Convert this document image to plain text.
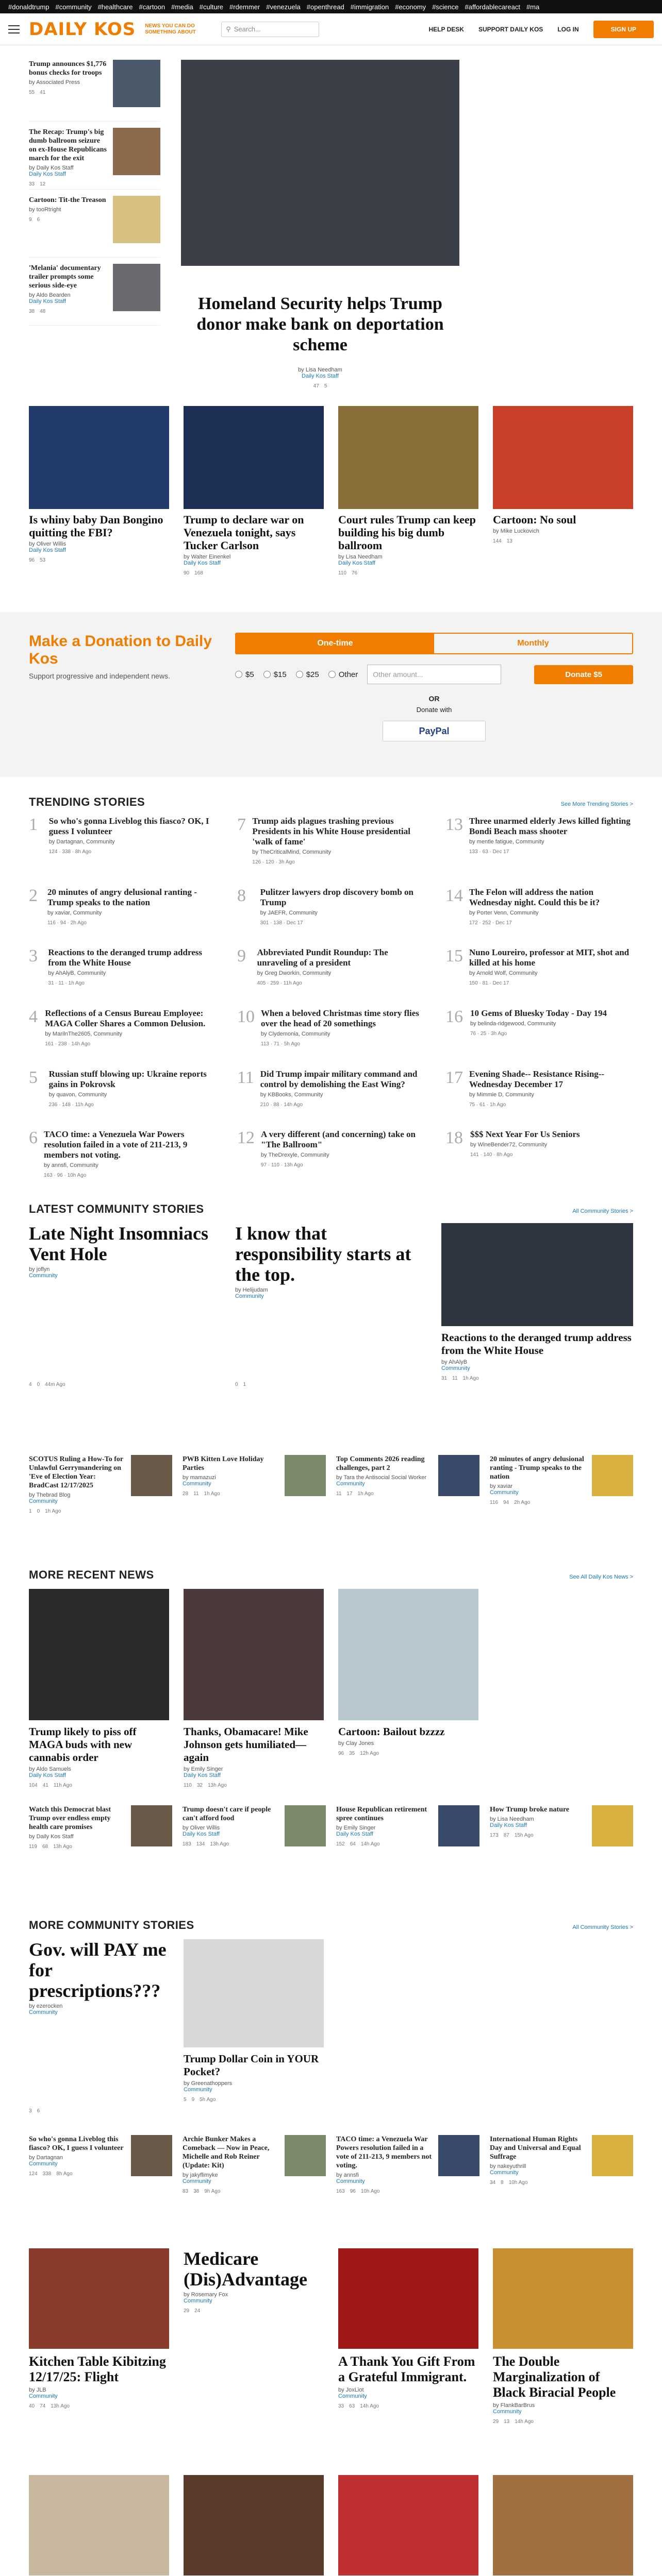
#donaldtrump #community #healthcare #cartoon #media #culture #rdemmer #venezuela #openthread #immigration #economy #science #affordablecareact #ma
DAILY KOS NEWS YOU CAN DO SOMETHING ABOUT	⚲ Search...	HELP DESK SUPPORT DAILY KOS LOG IN	SIGN UP
Trump announces $1,776 bonus checks for troops
by Associated Press
55 41
The Recap: Trump's big dumb ballroom seizure on ex-House Republicans march for the exit
by Daily Kos Staff
Daily Kos Staff
33 12
Cartoon: Tit-the Treason
by tooRtright
9 6
'Melania' documentary trailer prompts some serious side-eye
by Aldo Bearden
Daily Kos Staff
38 48	Homeland Security helps Trump donor make bank on deportation scheme
by Lisa Needham
Daily Kos Staff
47 5
Is whiny baby Dan Bongino quitting the FBI?
by Oliver Willis
Daily Kos Staff
96 53
Trump to declare war on Venezuela tonight, says Tucker Carlson
by Walter Einenkel
Daily Kos Staff
90 168
Court rules Trump can keep building his big dumb ballroom
by Lisa Needham
Daily Kos Staff
110 76
Cartoon: No soul
by Mike Luckovich
144 13
Make a Donation to Daily Kos

Support progressive and independent news.

One-time	Monthly
$5	$15	$25	Other	Other amount...	Donate $5
OR
Donate with
PayPal
TRENDING STORIES	See More Trending Stories >
1	So who's gonna Liveblog this fiasco? OK, I guess I volunteer
by Dartagnan, Community
124 · 338 · 8h Ago
2	20 minutes of angry delusional ranting - Trump speaks to the nation
by xaviar, Community
116 · 94 · 2h Ago
3	Reactions to the deranged trump address from the White House
by AhAlyB, Community
31 · 11 · 1h Ago
4 Reflections of a Census Bureau Employee: MAGA Coller Shares a Common Delusion.
by MarilnThe2605, Community
161 · 238 · 14h Ago
5	Russian stuff blowing up: Ukraine reports gains in Pokrovsk
by quavon, Community
236 · 148 · 11h Ago
6 TACO time: a Venezuela War Powers resolution failed in a vote of 211-213, 9 members not voting.
by annsfi, Community
163 · 96 · 10h Ago
7 Trump aids plagues trashing previous Presidents in his White House presidential 'walk of fame'
by TheCriticalMind, Community
126 · 120 · 3h Ago
8	Pulitzer lawyers drop discovery bomb on Trump
by JAEFR, Community
301 · 138 · Dec 17
9	Abbreviated Pundit Roundup: The unraveling of a president
by Greg Dworkin, Community
405 · 259 · 11h Ago
10 When a beloved Christmas time story flies over the head of 20 somethings
by Clydemonia, Community
113 · 71 · 5h Ago
11 Did Trump impair military command and control by demolishing the East Wing?
by KBBooks, Community
210 · 88 · 14h Ago
12 A very different (and concerning) take on "The Ballroom"
by TheDrexyle, Community
97 · 110 · 13h Ago
13 Three unarmed elderly Jews killed fighting Bondi Beach mass shooter
by mentle fatigue, Community
133 · 63 · Dec 17
14 The Felon will address the nation Wednesday night. Could this be it?
by Porter Venn, Community
172 · 252 · Dec 17
15 Nuno Loureiro, professor at MIT, shot and killed at his home
by Arnold Wolf, Community
150 · 81 · Dec 17
16 10 Gems of Bluesky Today - Day 194
by belinda-ridgewood, Community
76 · 25 · 3h Ago
17 Evening Shade-- Resistance Rising-- Wednesday December 17
by Mimmie D, Community
75 · 61 · 1h Ago
18 $$$ Next Year For Us Seniors
by WineBender72, Community
141 · 140 · 8h Ago
LATEST COMMUNITY STORIES	All Community Stories >
Late Night Insomniacs Vent Hole
by joflyn
Community
4 0 44m Ago
I know that responsibility starts at the top.
by Helijudam
Community
0 1
Reactions to the deranged trump address from the White House
by AhAlyB
Community
31 11 1h Ago
SCOTUS Ruling a How-To for Unlawful Gerrymandering on 'Eve of Election Year: BradCast 12/17/2025
by Thebrad Blog
Community
1 0 1h Ago
PWB Kitten Love Holiday Parties
by mamazuzi
Community
28 11 1h Ago
Top Comments 2026 reading challenges, part 2
by Tara the Antisocial Social Worker
Community
11 17 1h Ago
20 minutes of angry delusional ranting - Trump speaks to the nation
by xaviar
Community
116 94 2h Ago
MORE RECENT NEWS	See All Daily Kos News >
Trump likely to piss off MAGA buds with new cannabis order
by Aldo Samuels
Daily Kos Staff
104 41 11h Ago
Thanks, Obamacare! Mike Johnson gets humiliated—again
by Emily Singer
Daily Kos Staff
110 32 13h Ago
Cartoon: Bailout bzzzz
by Clay Jones
96 35 12h Ago
Watch this Democrat blast Trump over endless empty health care promises
by Daily Kos Staff
119 68 13h Ago
Trump doesn't care if people can't afford food
by Oliver Willis
Daily Kos Staff
183 134 13h Ago
House Republican retirement spree continues
by Emily Singer
Daily Kos Staff
152 64 14h Ago
How Trump broke nature
by Lisa Needham
Daily Kos Staff
173 87 15h Ago
MORE COMMUNITY STORIES	All Community Stories >
Gov. will PAY me for prescriptions???
by ezerocken
Community
3 6
Trump Dollar Coin in YOUR Pocket?
by Greenathoppers
Community
5 9 5h Ago
So who's gonna Liveblog this fiasco? OK, I guess I volunteer
by Dartagnan
Community
124 338 8h Ago
Archie Bunker Makes a Comeback — Now in Peace, Michelle and Rob Reiner (Update: Kit)
by jakyflimyke
Community
83 38 9h Ago
TACO time: a Venezuela War Powers resolution failed in a vote of 211-213, 9 members not voting.
by annsfi
Community
163 96 10h Ago
International Human Rights Day and Universal and Equal Suffrage
by nakeyuthrill
Community
34 8 10h Ago
Kitchen Table Kibitzing 12/17/25: Flight
by JLB
Community
40 74 13h Ago
Medicare (Dis)Advantage
by Rosemary Fox
Community
29 24
A Thank You Gift From a Grateful Immigrant.
by JoxLiot
Community
33 63 14h Ago
The Double Marginalization of Black Biracial People
by FlankBarBrus
Community
29 13 14h Ago
